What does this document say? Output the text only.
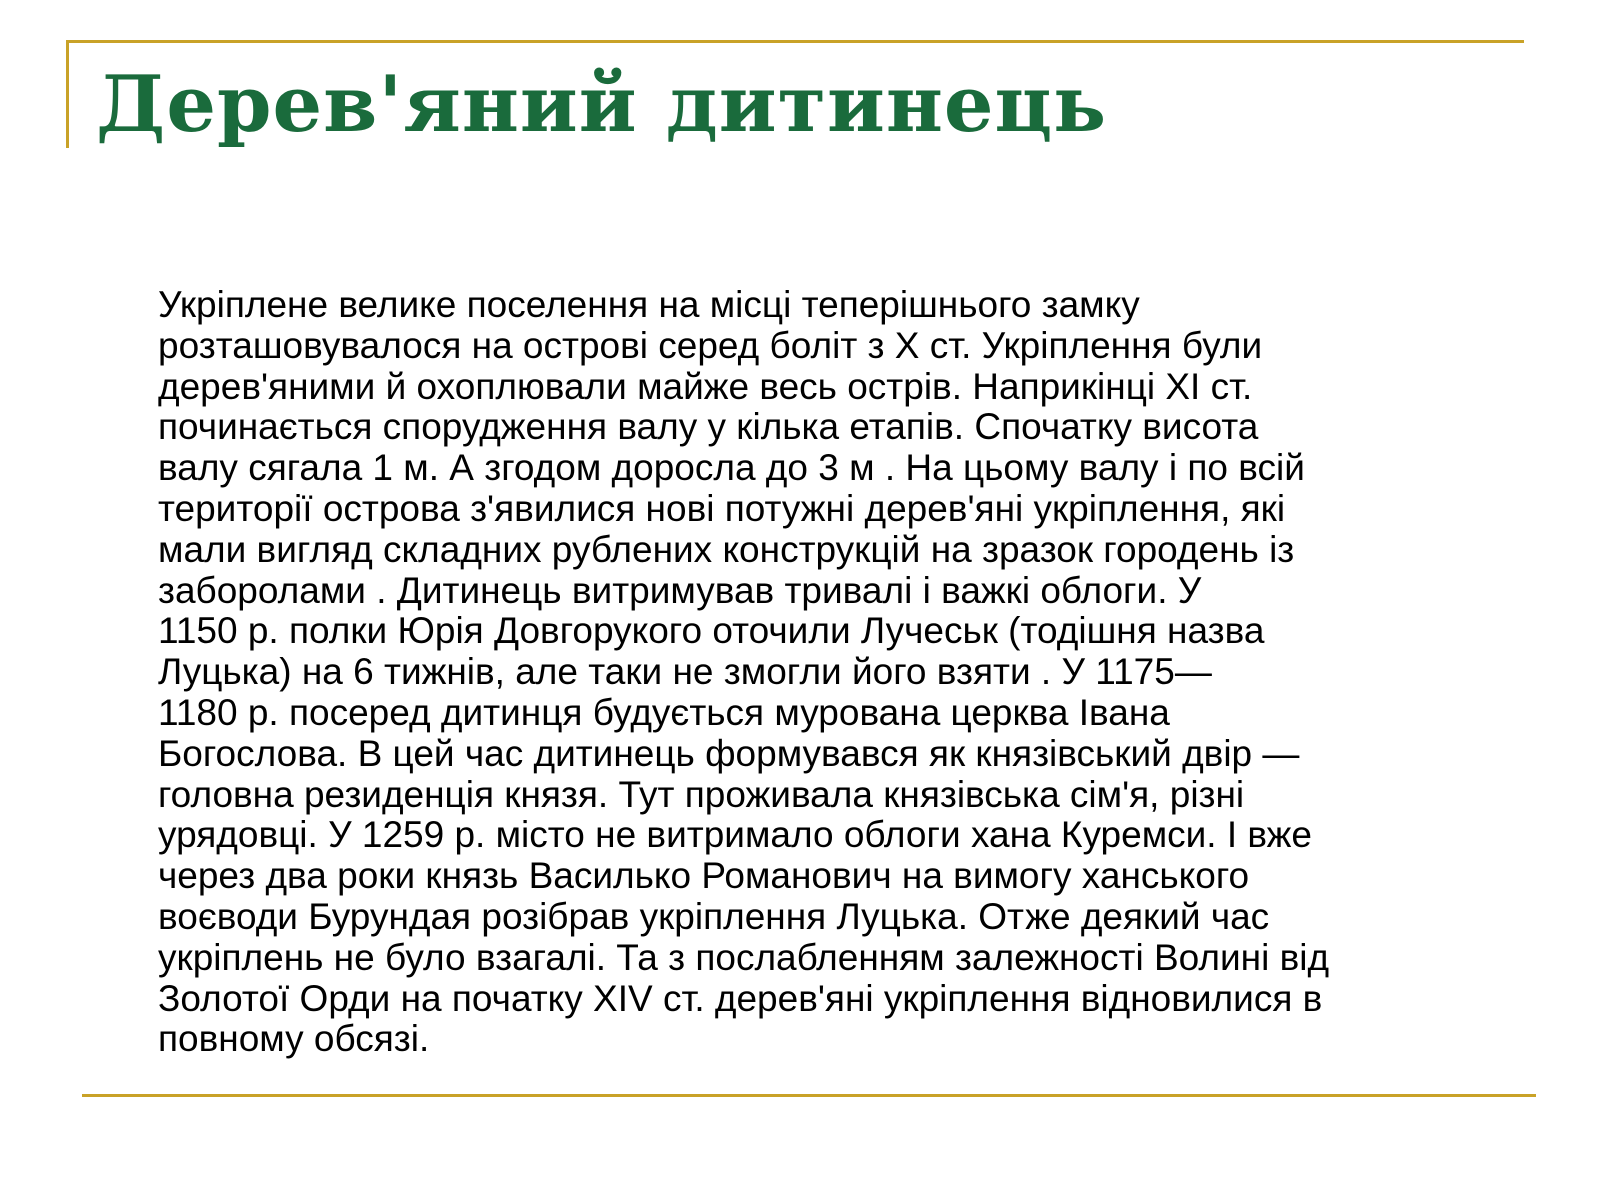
Дерев'яний дитинець

Укріплене велике поселення на місці теперішнього замку
розташовувалося на острові серед боліт з X ст. Укріплення були
дерев'яними й охоплювали майже весь острів. Наприкінці XI ст.
починається спорудження валу у кілька етапів. Спочатку висота
валу сягала 1 м. А згодом доросла до 3 м . На цьому валу і по всій
території острова з'явилися нові потужні дерев'яні укріплення, які
мали вигляд складних рублених конструкцій на зразок городень із
заборолами . Дитинець витримував тривалі і важкі облоги. У
1150 р. полки Юрія Довгорукого оточили Лучеськ (тодішня назва
Луцька) на 6 тижнів, але таки не змогли його взяти . У 1175—
1180 р. посеред дитинця будується мурована церква Івана
Богослова. В цей час дитинець формувався як князівський двір —
головна резиденція князя. Тут проживала князівська сім'я, різні
урядовці. У 1259 р. місто не витримало облоги хана Куремси. І вже
через два роки князь Василько Романович на вимогу ханського
воєводи Бурундая розібрав укріплення Луцька. Отже деякий час
укріплень не було взагалі. Та з послабленням залежності Волині від
Золотої Орди на початку XIV ст. дерев'яні укріплення відновилися в
повному обсязі.
